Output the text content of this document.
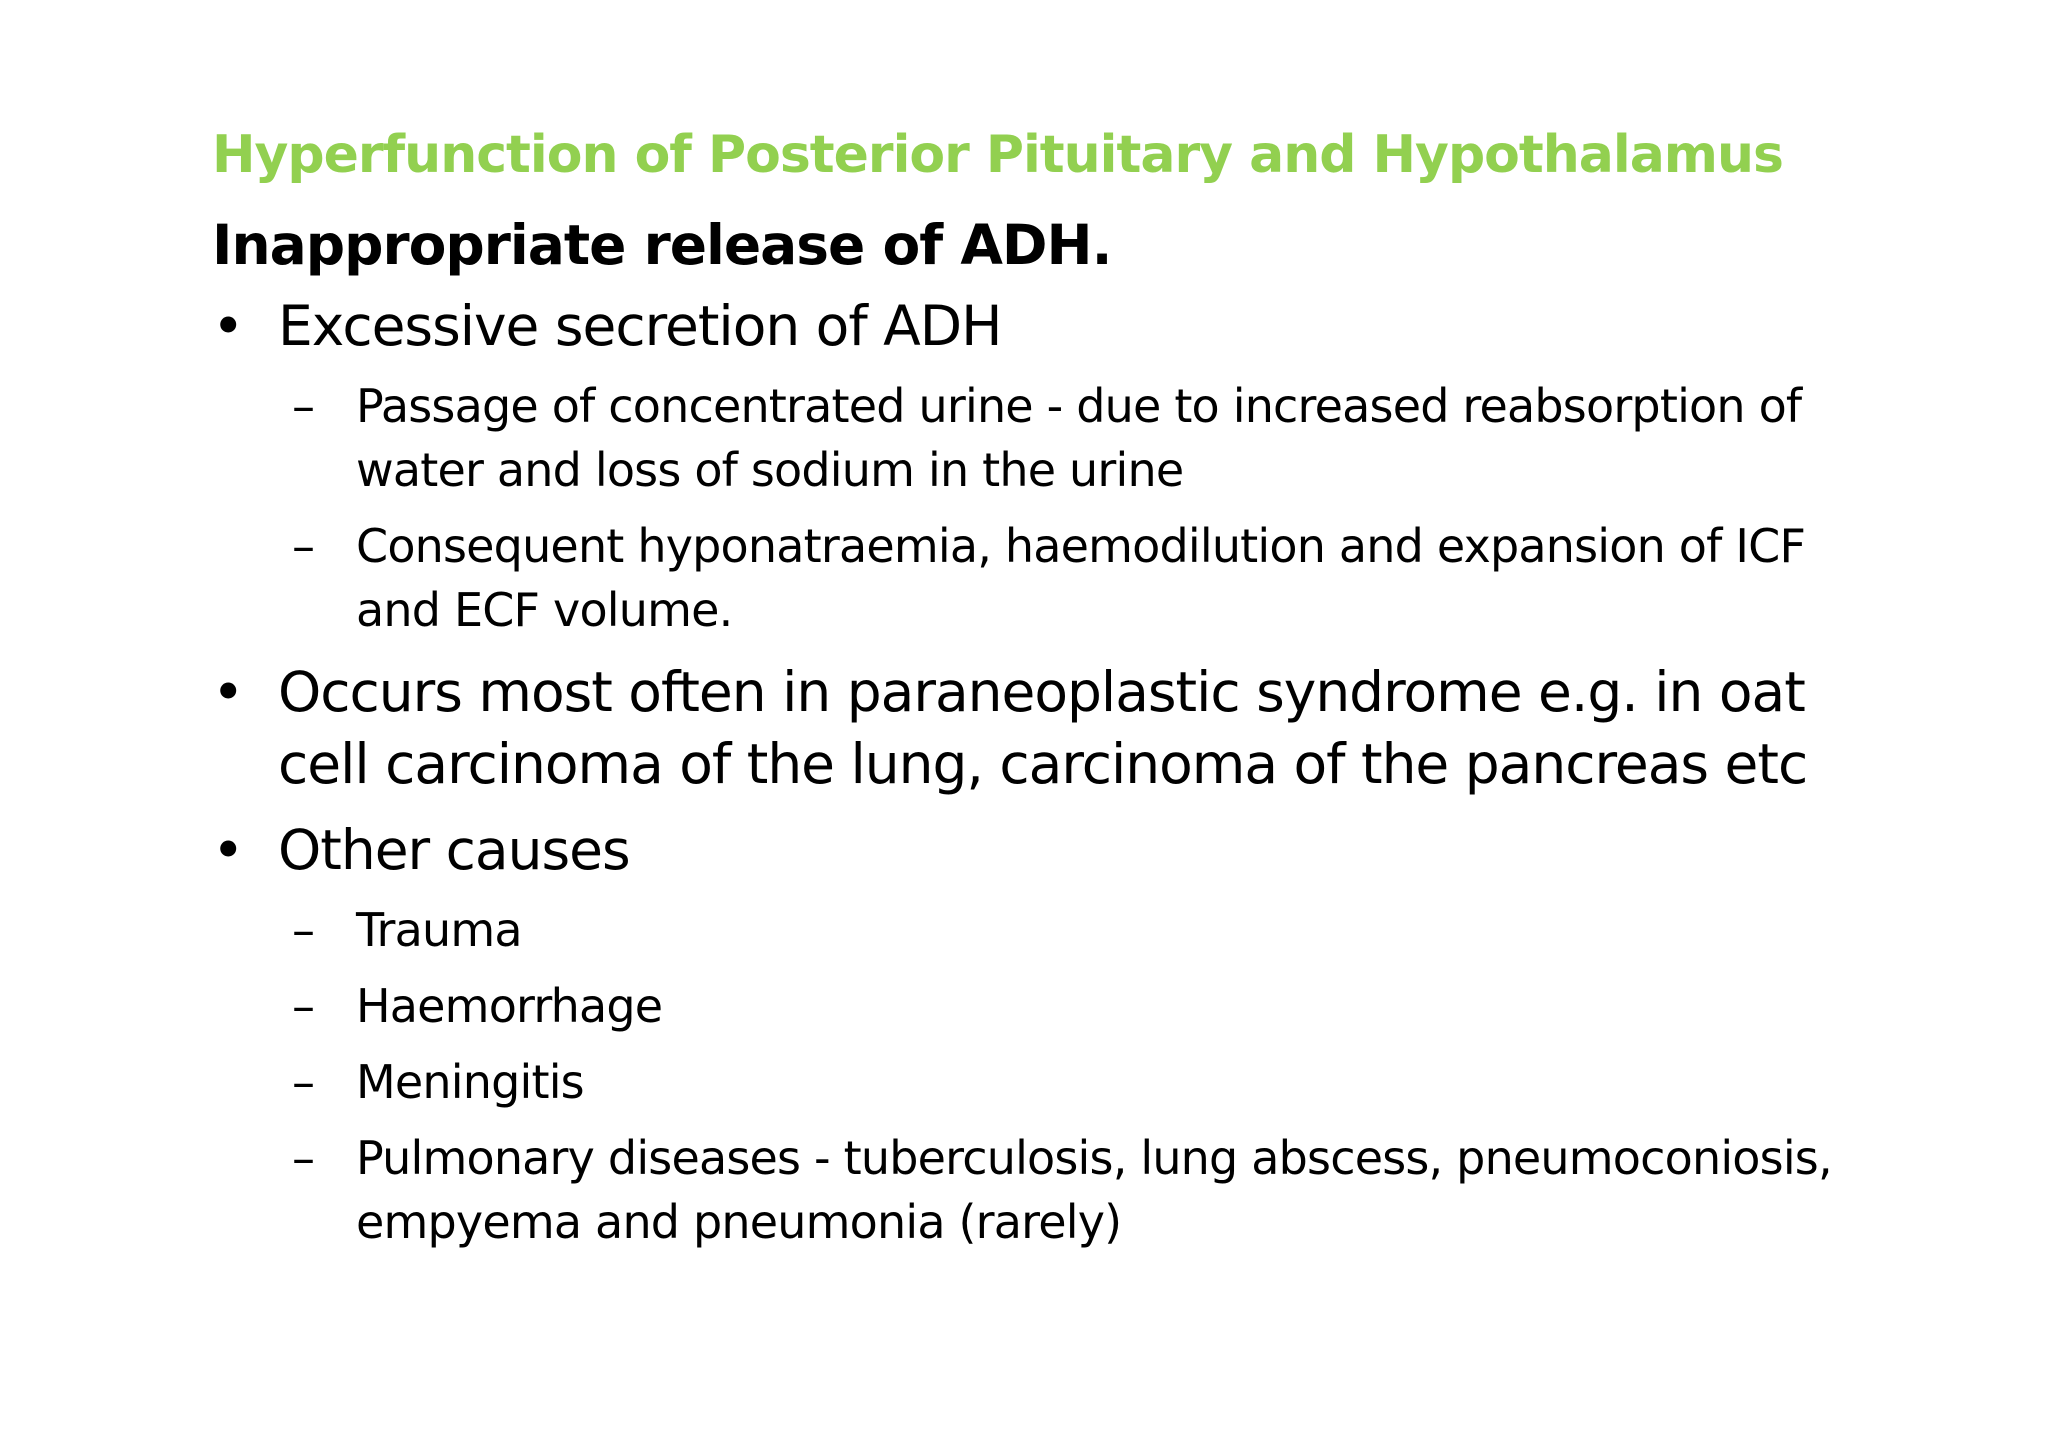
Hyperfunction of Posterior Pituitary and Hypothalamus
Inappropriate release of ADH.
• Excessive secretion of ADH
– Passage of concentrated urine - due to increased reabsorption of water and loss of sodium in the urine
– Consequent hyponatraemia, haemodilution and expansion of ICF and ECF volume.
• Occurs most often in paraneoplastic syndrome e.g. in oat cell carcinoma of the lung, carcinoma of the pancreas etc
• Other causes
– Trauma
– Haemorrhage
– Meningitis
– Pulmonary diseases - tuberculosis, lung abscess, pneumoconiosis, empyema and pneumonia (rarely)
